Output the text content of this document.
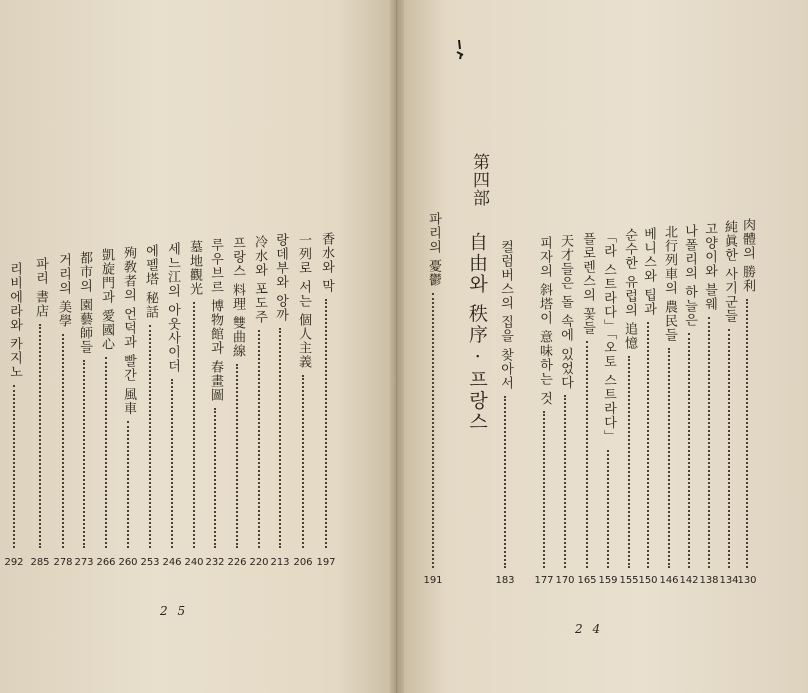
香水와 막
197
一列로 서는 個人主義
206
랑데부와 앙까
213
冷水와 포도주
220
프랑스 料理 雙曲線
226
루우브르 博物館과 春畫圖
232
墓地觀光
240
세느江의 아웃사이더
246
에펠塔 秘話
253
殉敎者의 언덕과 빨간 風車
260
凱旋門과 愛國心
266
都市의 園藝師들
273
거리의 美學
278
파리 書店
285
리비에라와 카지노
292
2 5
第四部
自由와 秩序 · 프랑스	肉體의 勝利
130
純眞한 사기군들
134
고양이와 블웨
138
나폴리의 하늘은
142
北行列車의 農民들
146
베니스와 팁과
150
순수한 유럽의 追憶
155
「라 스트라다」「오토 스트라다」
159
플로렌스의 꽃들
165
天才들은 돌 속에 있었다
170
피자의 斜塔이 意味하는 것
177
컬럼버스의 집을 찾아서
183
파리의 憂鬱
191
2 4
